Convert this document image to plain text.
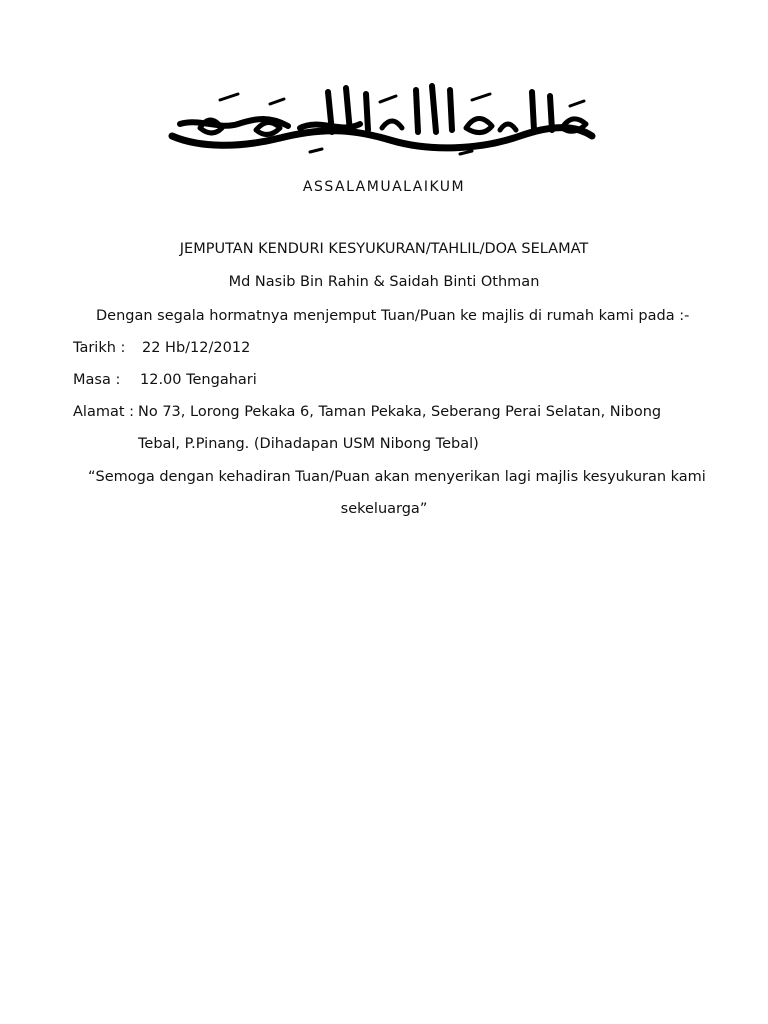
ASSALAMUALAIKUM
JEMPUTAN KENDURI KESYUKURAN/TAHLIL/DOA SELAMAT
Md Nasib Bin Rahin & Saidah Binti Othman
Dengan segala hormatnya menjemput Tuan/Puan ke majlis di rumah kami pada :-
Tarikh : 22 Hb/12/2012
Masa : 12.00 Tengahari
Alamat : No 73, Lorong Pekaka 6, Taman Pekaka, Seberang Perai Selatan, Nibong
Tebal, P.Pinang. (Dihadapan USM Nibong Tebal)
“Semoga dengan kehadiran Tuan/Puan akan menyerikan lagi majlis kesyukuran kami
sekeluarga”
